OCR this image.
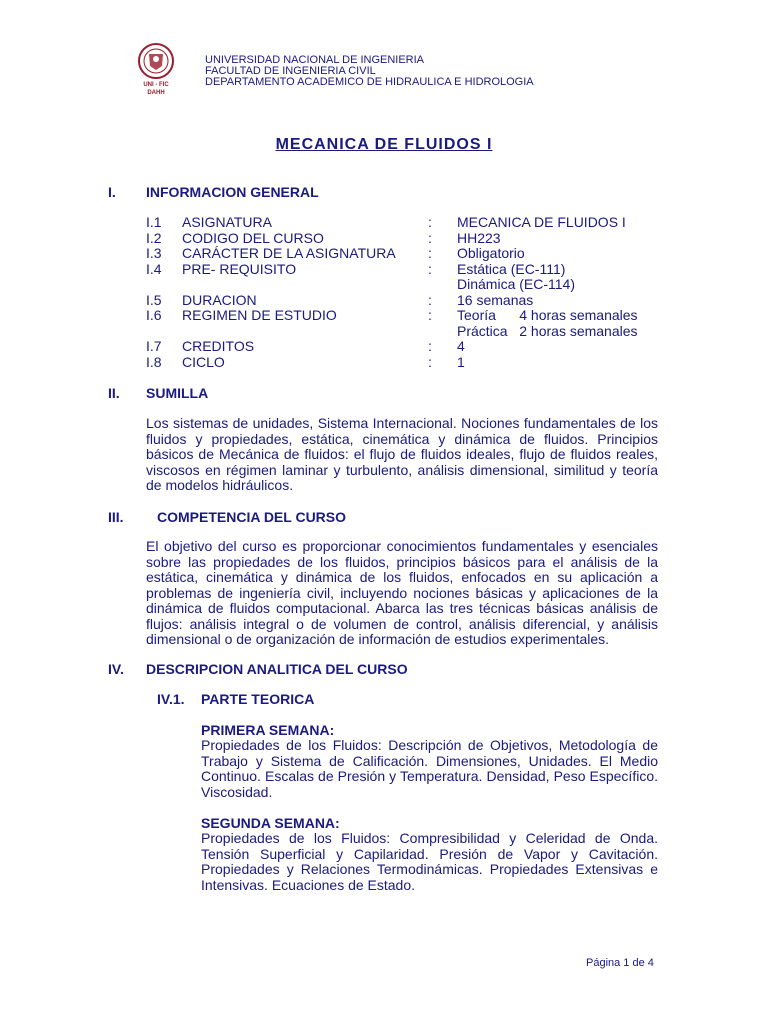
UNI - FIC
DAHH
UNIVERSIDAD NACIONAL DE INGENIERIA
FACULTAD DE INGENIERIA CIVIL
DEPARTAMENTO ACADEMICO DE HIDRAULICA E HIDROLOGIA
MECANICA DE FLUIDOS I
I. INFORMACION GENERAL
I.1 ASIGNATURA	: MECANICA DE FLUIDOS I
I.2 CODIGO DEL CURSO	: HH223
I.3 CARÁCTER DE LA ASIGNATURA : Obligatorio
I.4 PRE- REQUISITO	: Estática (EC-111)
Dinámica (EC-114)
I.5 DURACION	: 16 semanas
I.6 REGIMEN DE ESTUDIO	: Teoría      4 horas semanales
Práctica   2 horas semanales
I.7 CREDITOS	: 4
I.8 CICLO	: 1
II. SUMILLA
Los sistemas de unidades, Sistema Internacional. Nociones fundamentales de los fluidos y propiedades, estática, cinemática y dinámica de fluidos. Principios básicos de Mecánica de fluidos: el flujo de fluidos ideales, flujo de fluidos reales, viscosos en régimen laminar y turbulento, análisis dimensional, similitud y teoría de modelos hidráulicos.
III. COMPETENCIA DEL CURSO
El objetivo del curso es proporcionar conocimientos fundamentales y esenciales sobre las propiedades de los fluidos, principios básicos para el análisis de la estática, cinemática y dinámica de los fluidos, enfocados en su aplicación a problemas de ingeniería civil, incluyendo nociones básicas y aplicaciones de la dinámica de fluidos computacional. Abarca las tres técnicas básicas análisis de flujos: análisis integral o de volumen de control, análisis diferencial, y análisis dimensional o de organización de información de estudios experimentales.
IV. DESCRIPCION ANALITICA DEL CURSO
IV.1. PARTE TEORICA
PRIMERA SEMANA:
Propiedades de los Fluidos: Descripción de Objetivos, Metodología de Trabajo y Sistema de Calificación. Dimensiones, Unidades. El Medio Continuo. Escalas de Presión y Temperatura. Densidad, Peso Específico. Viscosidad.
SEGUNDA SEMANA:
Propiedades de los Fluidos: Compresibilidad y Celeridad de Onda. Tensión Superficial y Capilaridad. Presión de Vapor y Cavitación. Propiedades y Relaciones Termodinámicas. Propiedades Extensivas e Intensivas. Ecuaciones de Estado.
Página 1 de 4
